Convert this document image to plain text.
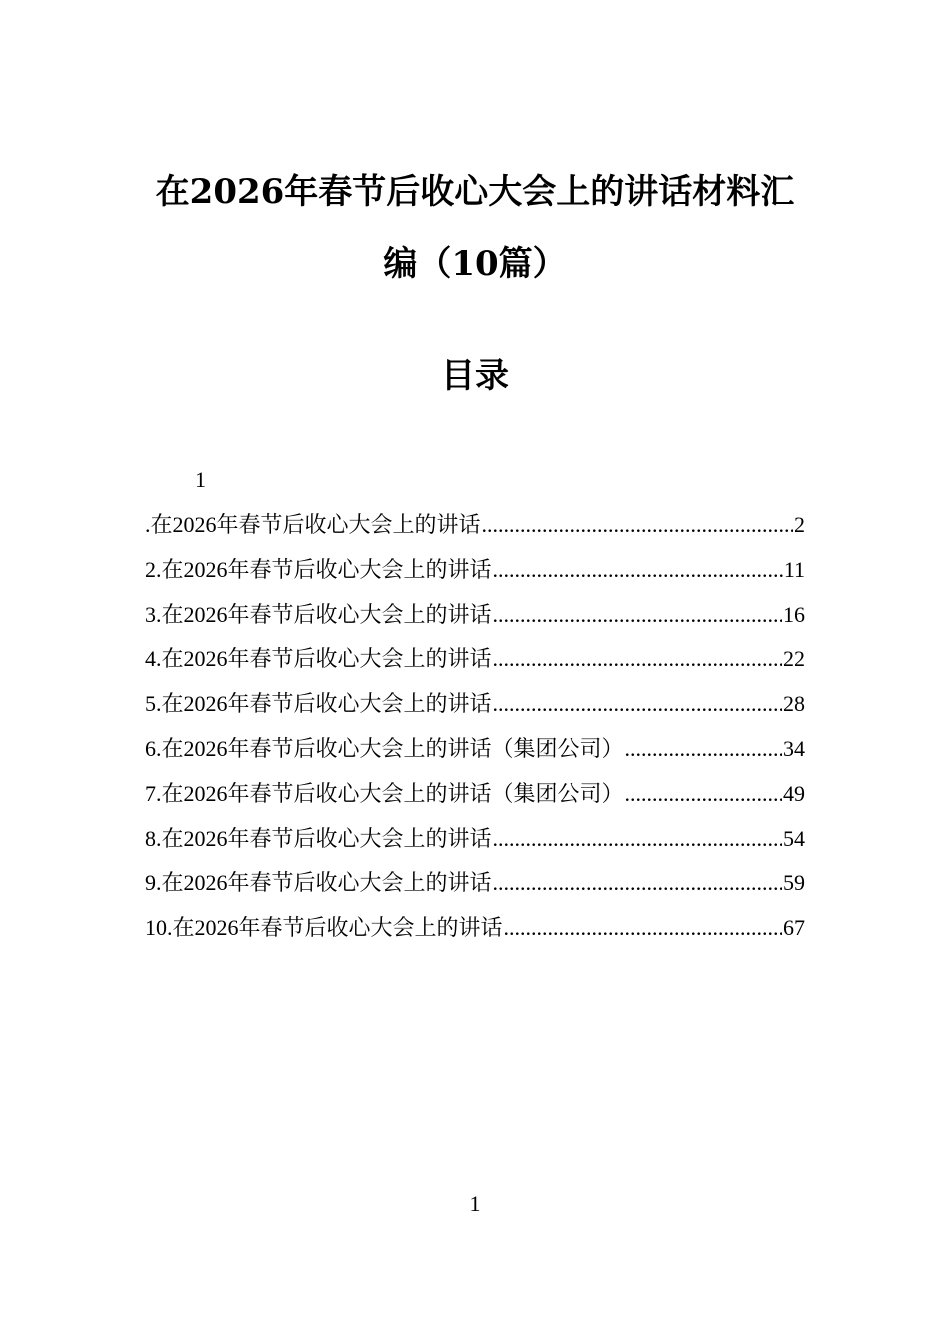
在2026年春节后收心大会上的讲话材料汇
编（10篇）
目录
1
.在2026年春节后收心大会上的讲话 .....	2
2.在2026年春节后收心大会上的讲话 .....	11
3.在2026年春节后收心大会上的讲话 .....	16
4.在2026年春节后收心大会上的讲话 .....	22
5.在2026年春节后收心大会上的讲话 .....	28
6.在2026年春节后收心大会上的讲话（集团公司） .....	34
7.在2026年春节后收心大会上的讲话（集团公司） .....	49
8.在2026年春节后收心大会上的讲话 .....	54
9.在2026年春节后收心大会上的讲话 .....	59
10.在2026年春节后收心大会上的讲话 .....	67
1
